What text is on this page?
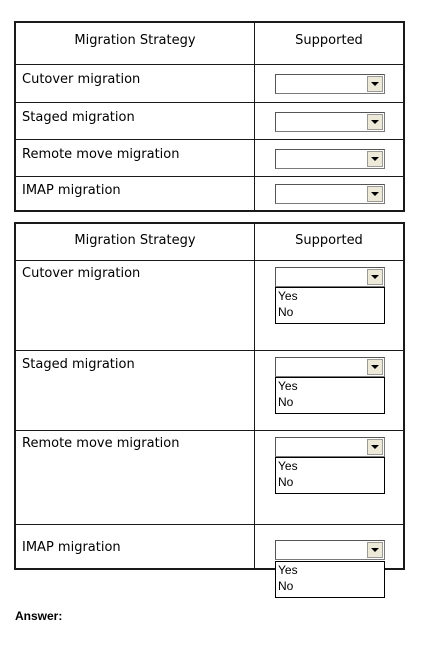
Migration Strategy	Supported
Cutover migration
Staged migration
Remote move migration
IMAP migration
Migration Strategy	Supported
Cutover migration
Yes
No
Staged migration
Yes
No
Remote move migration
Yes
No
IMAP migration
Yes
No
Answer:
